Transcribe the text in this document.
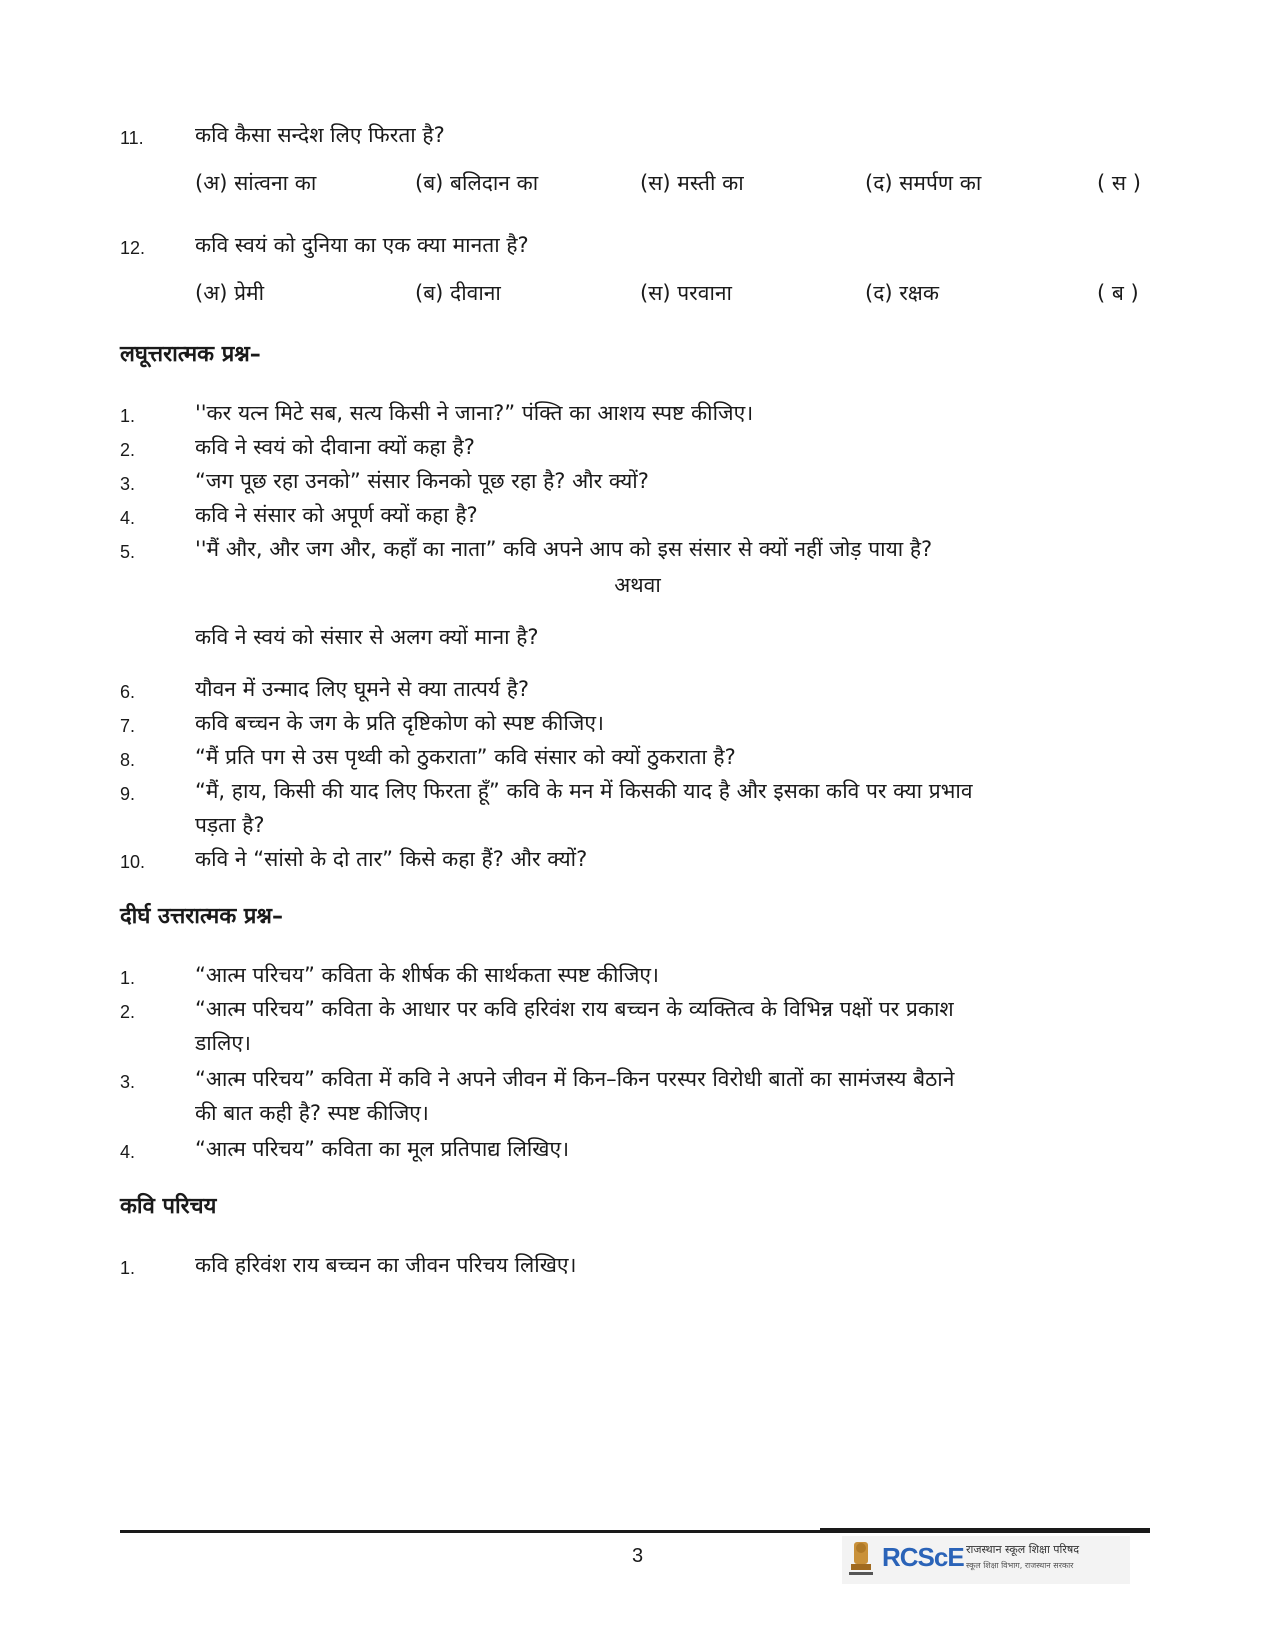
11. कवि कैसा सन्देश लिए फिरता है?
(अ) सांत्वना का	(ब) बलिदान का	(स) मस्ती का	(द) समर्पण का	( स )
12. कवि स्वयं को दुनिया का एक क्या मानता है?
(अ) प्रेमी	(ब) दीवाना	(स) परवाना	(द) रक्षक	( ब )
लघूत्तरात्मक प्रश्न–
1.	''कर यत्न मिटे सब, सत्य किसी ने जाना?” पंक्ति का आशय स्पष्ट कीजिए।
2.	कवि ने स्वयं को दीवाना क्यों कहा है?
3.	“जग पूछ रहा उनको” संसार किनको पूछ रहा है? और क्यों?
4.	कवि ने संसार को अपूर्ण क्यों कहा है?
5.	''मैं और, और जग और, कहाँ का नाता” कवि अपने आप को इस संसार से क्यों नहीं जोड़ पाया है?
अथवा
कवि ने स्वयं को संसार से अलग क्यों माना है?
6.	यौवन में उन्माद लिए घूमने से क्या तात्पर्य है?
7.	कवि बच्चन के जग के प्रति दृष्टिकोण को स्पष्ट कीजिए।
8.	“मैं प्रति पग से उस पृथ्वी को ठुकराता” कवि संसार को क्यों ठुकराता है?
9.	“मैं, हाय, किसी की याद लिए फिरता हूँ” कवि के मन में किसकी याद है और इसका कवि पर क्या प्रभाव
पड़ता है?
10. कवि ने “सांसो के दो तार” किसे कहा हैं? और क्यों?
दीर्घ उत्तरात्मक प्रश्न–
1.	“आत्म परिचय” कविता के शीर्षक की सार्थकता स्पष्ट कीजिए।
2.	“आत्म परिचय” कविता के आधार पर कवि हरिवंश राय बच्चन के व्यक्तित्व के विभिन्न पक्षों पर प्रकाश
डालिए।
3.	“आत्म परिचय” कविता में कवि ने अपने जीवन में किन–किन परस्पर विरोधी बातों का सामंजस्य बैठाने
की बात कही है? स्पष्ट कीजिए।
4.	“आत्म परिचय” कविता का मूल प्रतिपाद्य लिखिए।
कवि परिचय
1.	कवि हरिवंश राय बच्चन का जीवन परिचय लिखिए।
3	RCScE राजस्थान स्कूल शिक्षा परिषद
स्कूल शिक्षा विभाग, राजस्थान सरकार
